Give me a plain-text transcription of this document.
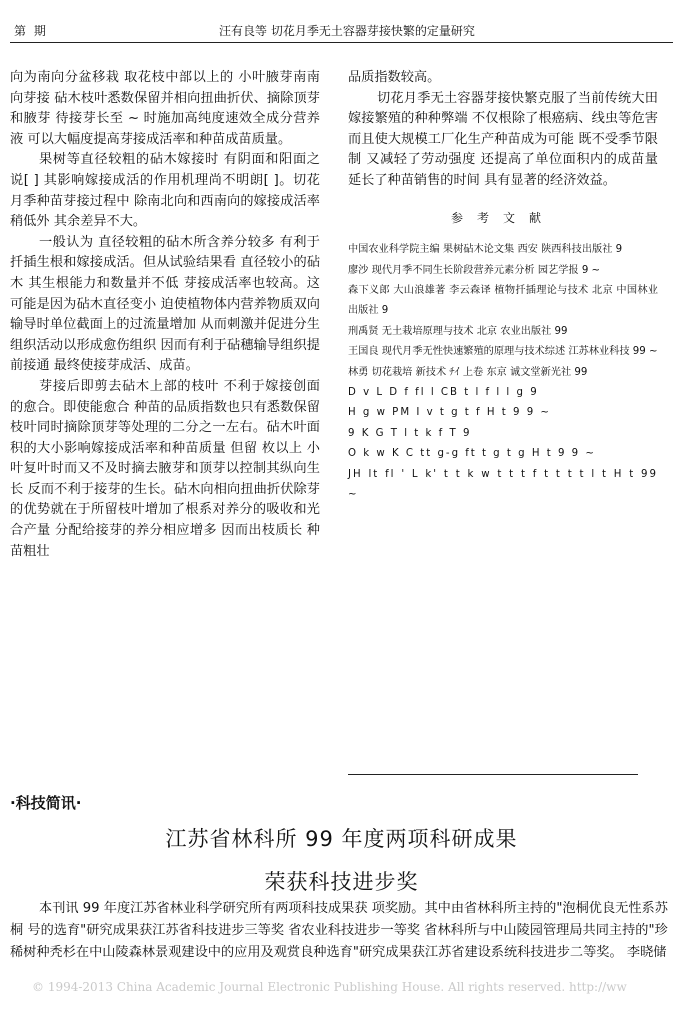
第 期	汪有良等 切花月季无土容器芽接快繁的定量研究

向为南向分盆移栽 取花枝中部以上的 小叶腋芽南南向芽接 砧木枝叶悉数保留并相向扭曲折伏、摘除顶芽和腋芽 待接芽长至 ~ 时施加高纯度速效全成分营养液 可以大幅度提高芽接成活率和种苗成苗质量。

果树等直径较粗的砧木嫁接时 有阴面和阳面之说[ ] 其影响嫁接成活的作用机理尚不明朗[ ]。切花月季种苗芽接过程中 除南北向和西南向的嫁接成活率稍低外 其余差异不大。

一般认为 直径较粗的砧木所含养分较多 有利于扦插生根和嫁接成活。但从试验结果看 直径较小的砧木 其生根能力和数量并不低 芽接成活率也较高。这可能是因为砧木直径变小 迫使植物体内营养物质双向输导时单位截面上的过流量增加 从而刺激并促进分生组织活动以形成愈伤组织 因而有利于砧穗输导组织提前接通 最终使接芽成活、成苗。

芽接后即剪去砧木上部的枝叶 不利于嫁接创面的愈合。即使能愈合 种苗的品质指数也只有悉数保留枝叶同时摘除顶芽等处理的二分之一左右。砧木叶面积的大小影响嫁接成活率和种苗质量 但留 枚以上 小叶复叶时而又不及时摘去腋芽和顶芽以控制其纵向生长 反而不利于接芽的生长。砧木向相向扭曲折伏除芽的优势就在于所留枝叶增加了根系对养分的吸收和光合产量 分配给接芽的养分相应增多 因而出枝质长 种苗粗壮

品质指数较高。

切花月季无土容器芽接快繁克服了当前传统大田嫁接繁殖的种种弊端 不仅根除了根癌病、线虫等危害 而且使大规模工厂化生产种苗成为可能 既不受季节限制 又减轻了劳动强度 还提高了单位面积内的成苗量 延长了种苗销售的时间 具有显著的经济效益。

参考文献

中国农业科学院主编 果树砧木论文集 西安 陕西科技出版社 9

廖沙 现代月季不同生长阶段营养元素分析 园艺学报 9 ~

森下义郎 大山浪雄著 李云森译 植物扦插理论与技术 北京 中国林业出版社 9

刑禹贤 无土栽培原理与技术 北京 农业出版社 99

王国良 现代月季无性快速繁殖的原理与技术综述 江苏林业科技 99 ~

林勇 切花栽培 新技术 ﾁｲ 上卷 东京 诚文堂新光社 99

D v L D f fl l CB t l f l l g 9

H g w PM I v t g t f H t 9 9 ~

9 K G T l t k f T 9

O k w K C tt g-g ft t g t g H t 9 9 ~

JH lt fl ' L k' t t k w t t t f t t t t l t H t 99 ~

·科技简讯·
江苏省林科所 99 年度两项科研成果
荣获科技进步奖

本刊讯 99 年度江苏省林业科学研究所有两项科技成果获 项奖励。其中由省林科所主持的"泡桐优良无性系苏桐 号的选育"研究成果获江苏省科技进步三等奖 省农业科技进步一等奖 省林科所与中山陵园管理局共同主持的"珍稀树种秃杉在中山陵森林景观建设中的应用及观赏良种选育"研究成果获江苏省建设系统科技进步二等奖。 李晓储

© 1994-2013 China Academic Journal Electronic Publishing House. All rights reserved. http://ww
